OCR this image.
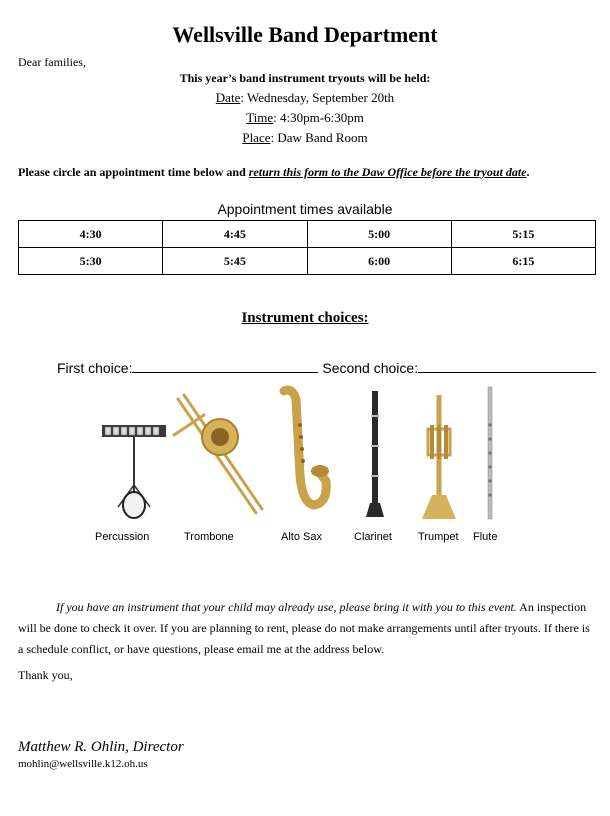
Wellsville Band Department
Dear families,
This year’s band instrument tryouts will be held:
Date: Wednesday, September 20th
Time: 4:30pm-6:30pm
Place: Daw Band Room
Please circle an appointment time below and return this form to the Daw Office before the tryout date.
Appointment times available
4:30	4:45	5:00	5:15
5:30	5:45	6:00	6:15
Instrument choices:
First choice:	Second choice:
Percussion	Trombone	Alto Sax	Clarinet Trumpet Flute
If you have an instrument that your child may already use, please bring it with you to this event. An inspection will be done to check it over. If you are planning to rent, please do not make arrangements until after tryouts. If there is a schedule conflict, or have questions, please email me at the address below.
Thank you,
Matthew R. Ohlin, Director
mohlin@wellsville.k12.oh.us
